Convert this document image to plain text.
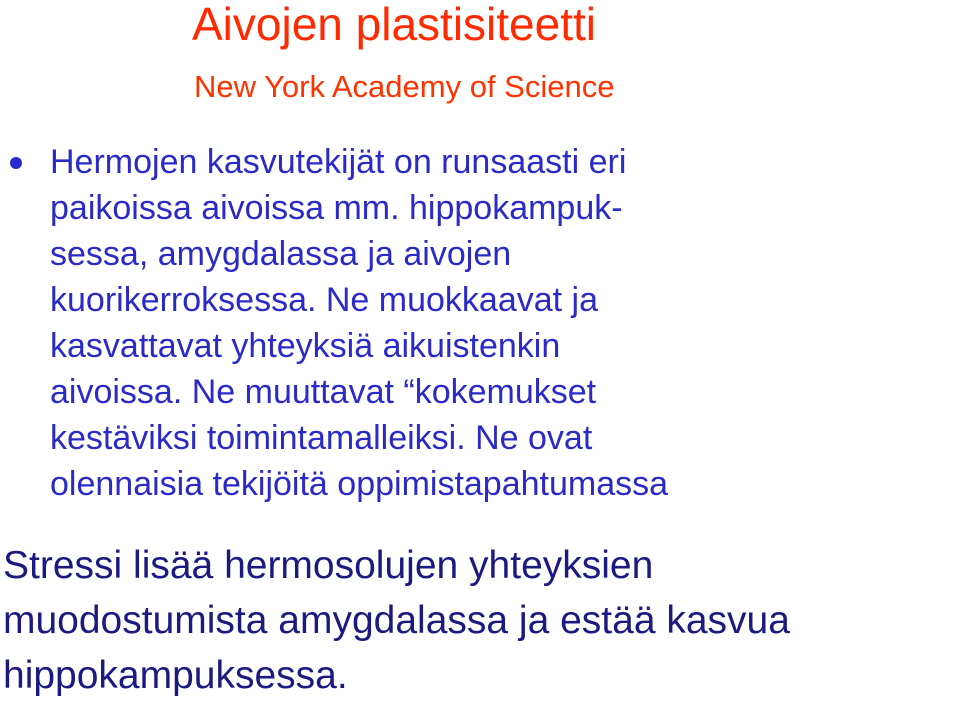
Aivojen plastisiteetti
New York Academy of Science
Hermojen kasvutekijät on runsaasti eri
paikoissa aivoissa mm. hippokampuk-
sessa, amygdalassa ja aivojen
kuorikerroksessa. Ne muokkaavat ja
kasvattavat yhteyksiä aikuistenkin
aivoissa. Ne muuttavat “kokemukset
kestäviksi toimintamalleiksi. Ne ovat
olennaisia tekijöitä oppimistapahtumassa
Stressi lisää hermosolujen yhteyksien
muodostumista amygdalassa ja estää kasvua
hippokampuksessa.
